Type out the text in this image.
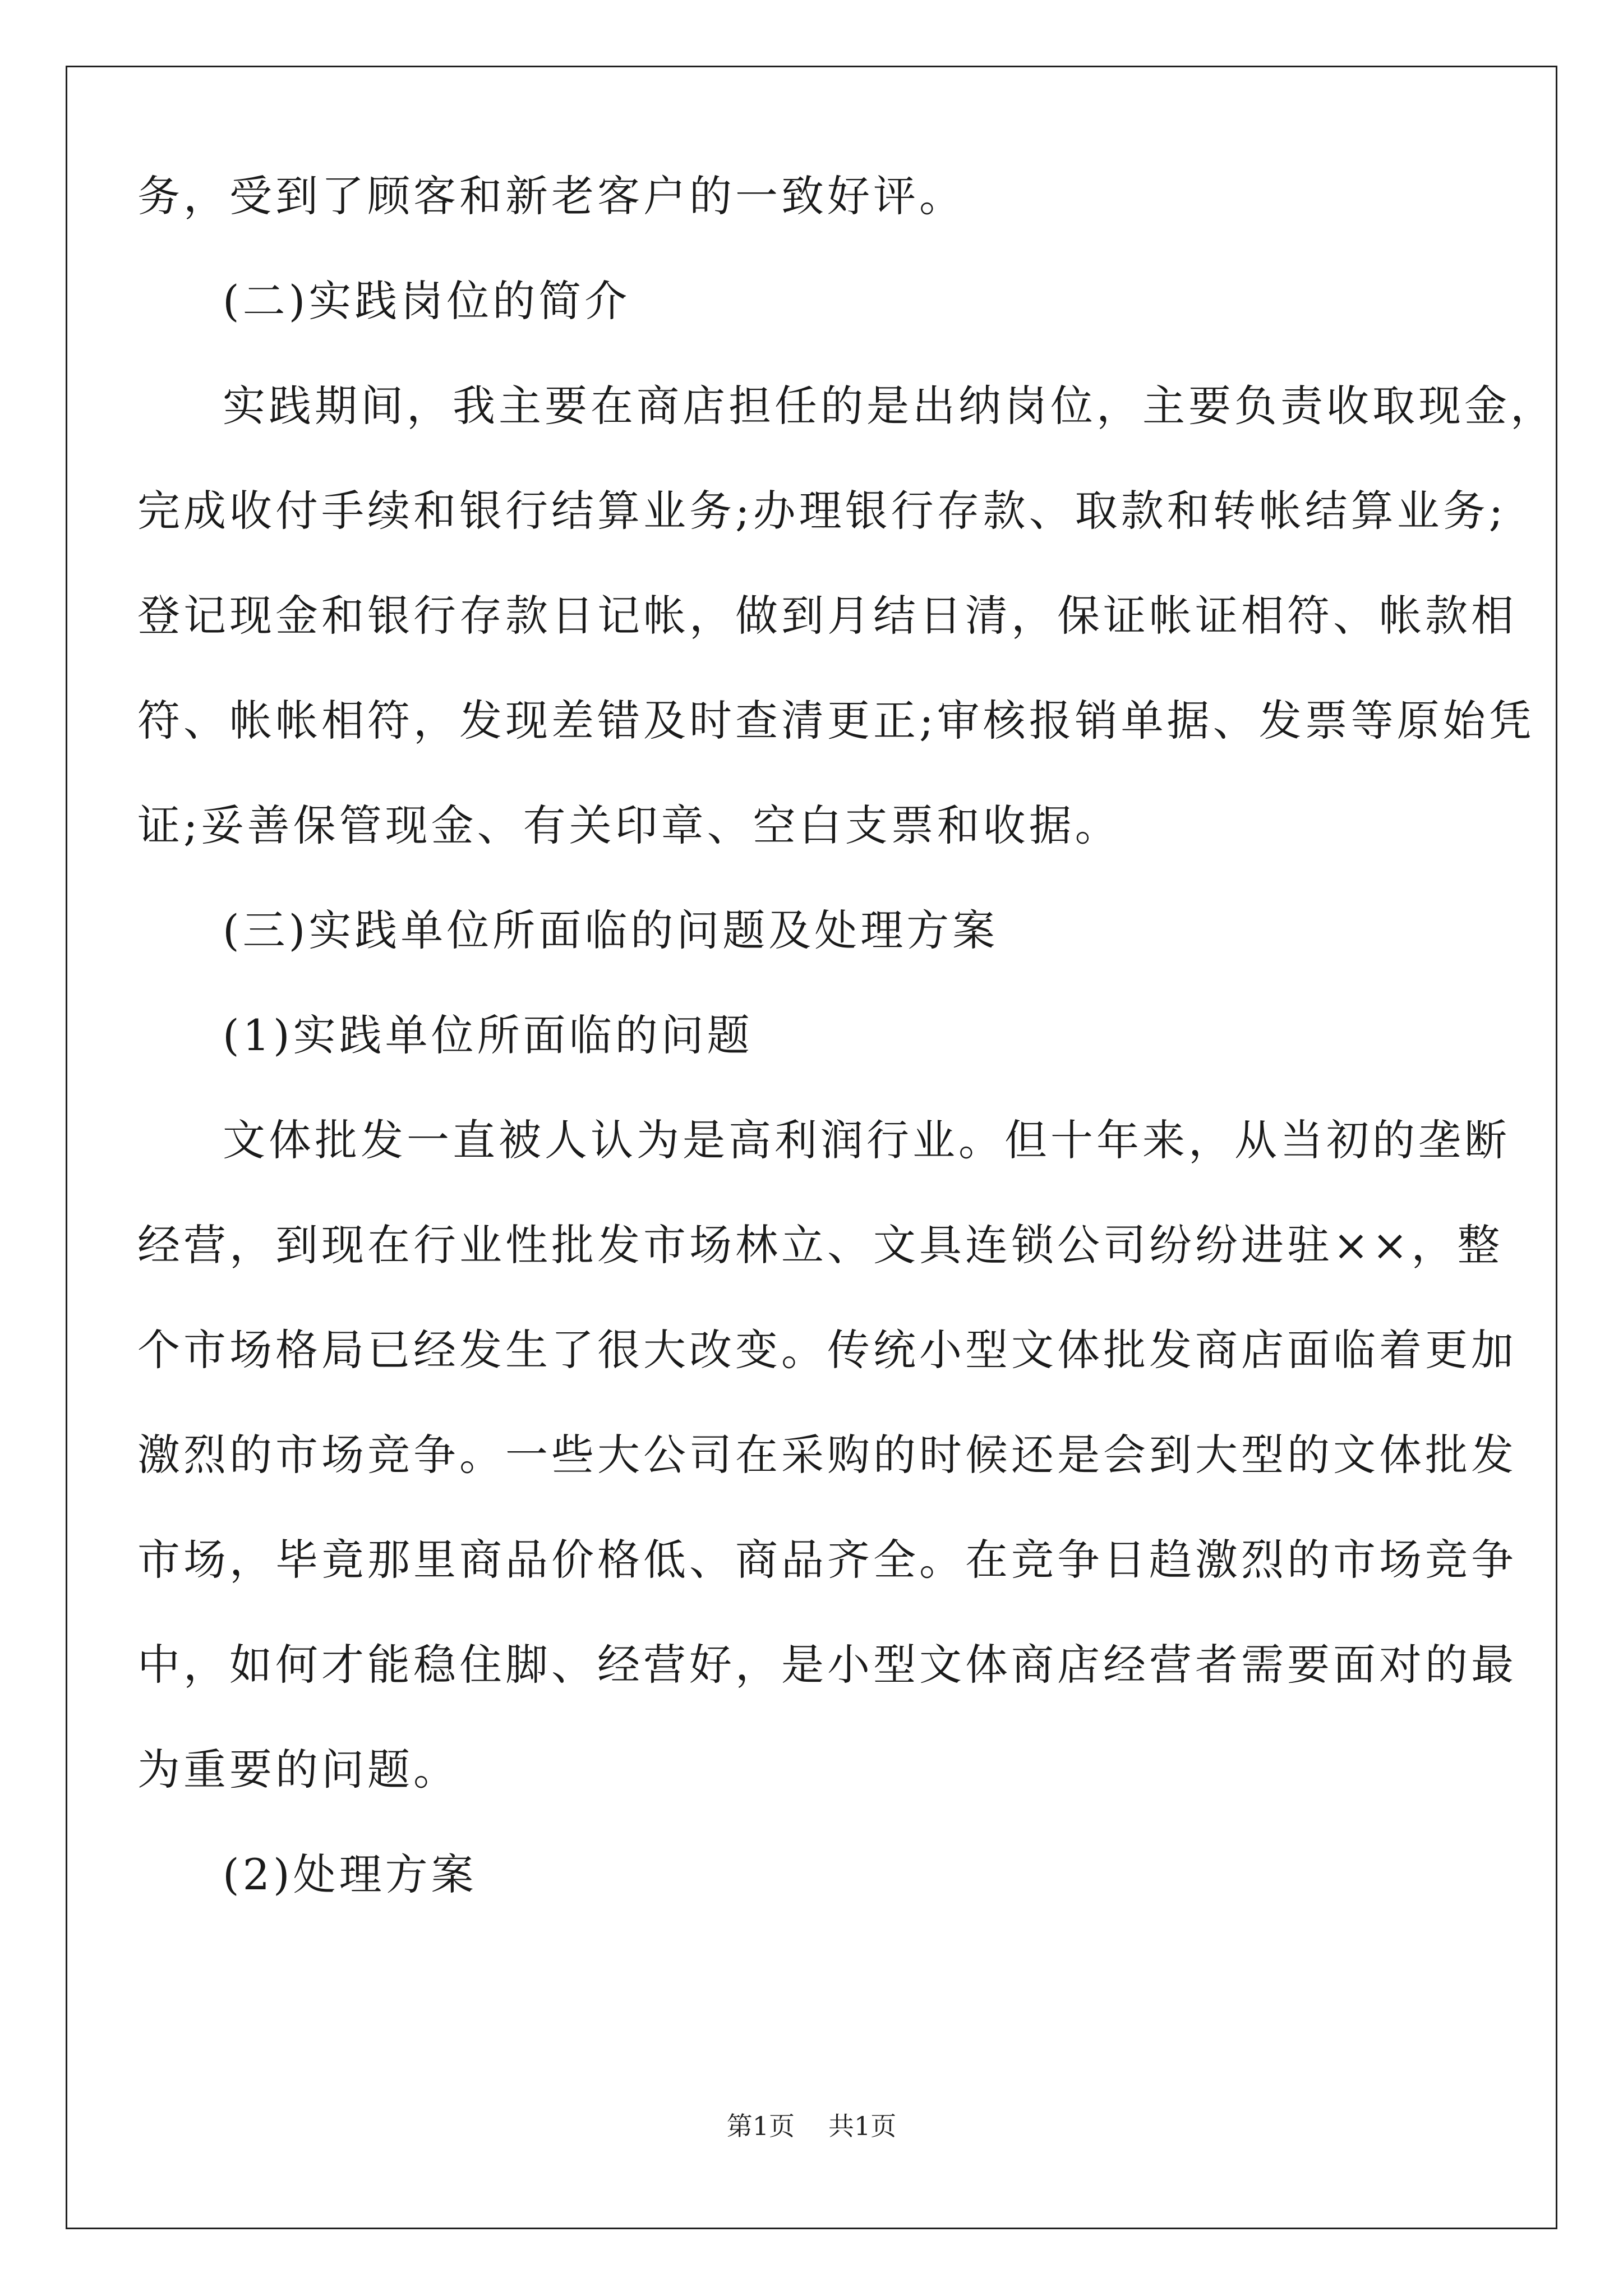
务，受到了顾客和新老客户的一致好评。
(二)实践岗位的简介
实践期间，我主要在商店担任的是出纳岗位，主要负责收取现金，
完成收付手续和银行结算业务;办理银行存款、取款和转帐结算业务;
登记现金和银行存款日记帐，做到月结日清，保证帐证相符、帐款相
符、帐帐相符，发现差错及时查清更正;审核报销单据、发票等原始凭
证;妥善保管现金、有关印章、空白支票和收据。
(三)实践单位所面临的问题及处理方案
(1)实践单位所面临的问题
文体批发一直被人认为是高利润行业。但十年来，从当初的垄断
经营，到现在行业性批发市场林立、文具连锁公司纷纷进驻××，整
个市场格局已经发生了很大改变。传统小型文体批发商店面临着更加
激烈的市场竞争。一些大公司在采购的时候还是会到大型的文体批发
市场，毕竟那里商品价格低、商品齐全。在竞争日趋激烈的市场竞争
中，如何才能稳住脚、经营好，是小型文体商店经营者需要面对的最
为重要的问题。
(2)处理方案
第1页 共1页
